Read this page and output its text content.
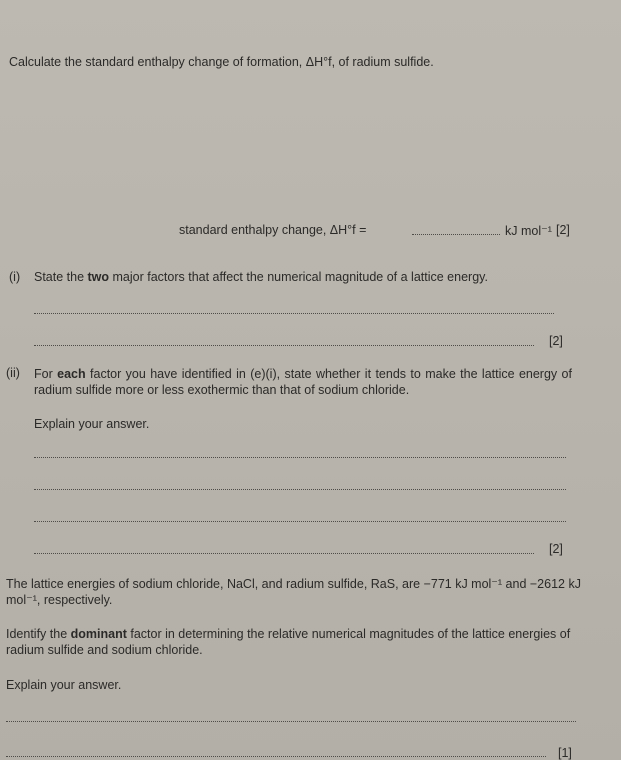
Calculate the standard enthalpy change of formation, ΔH°f, of radium sulfide.
standard enthalpy change, ΔH°f =	kJ mol⁻¹ [2]
(i) State the two major factors that affect the numerical magnitude of a lattice energy.
[2]
(ii) For each factor you have identified in (e)(i), state whether it tends to make the lattice energy of radium sulfide more or less exothermic than that of sodium chloride.
Explain your answer.
[2]
The lattice energies of sodium chloride, NaCl, and radium sulfide, RaS, are −771 kJ mol⁻¹ and −2612 kJ mol⁻¹, respectively.
Identify the dominant factor in determining the relative numerical magnitudes of the lattice energies of radium sulfide and sodium chloride.
Explain your answer.
[1]
